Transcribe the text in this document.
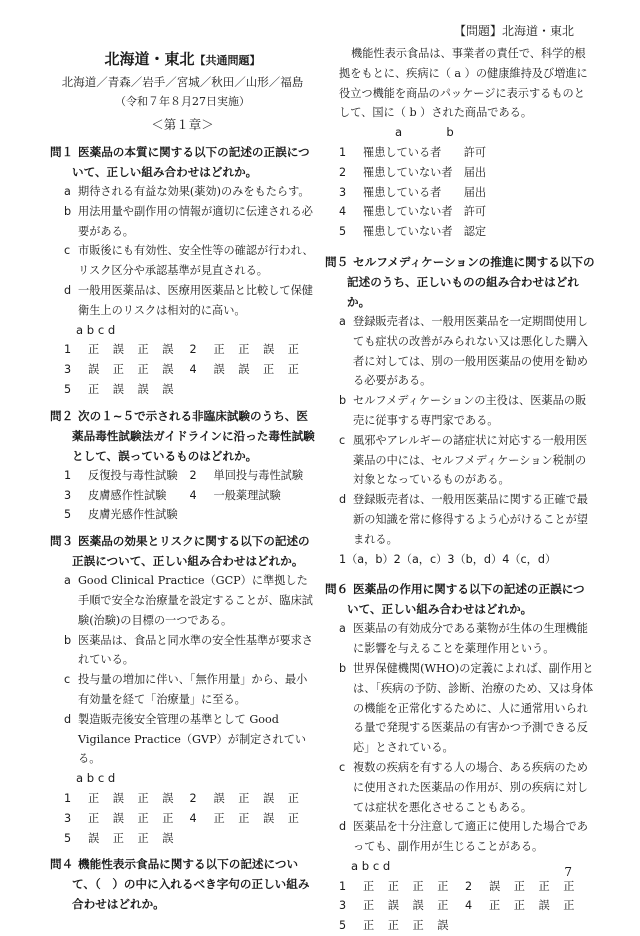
【問題】北海道・東北
北海道・東北【共通問題】
北海道／青森／岩手／宮城／秋田／山形／福島
（令和７年８月27日実施）
＜第１章＞
問１ 医薬品の本質に関する以下の記述の正誤について、正しい組み合わせはどれか。
a 期待される有益な効果(薬効)のみをもたらす。
b 用法用量や副作用の情報が適切に伝達される必要がある。
c 市販後にも有効性、安全性等の確認が行われ、リスク区分や承認基準が見直される。
d 一般用医薬品は、医療用医薬品と比較して保健衛生上のリスクは相対的に高い。
a b c d
1	正 誤 正 誤 2	正 正 誤 正
3	誤 正 正 誤 4	誤 誤 正 正
5	正 誤 誤 誤
問２ 次の１~５で示される非臨床試験のうち、医薬品毒性試験法ガイドラインに沿った毒性試験として、誤っているものはどれか。
1	反復投与毒性試験 2	単回投与毒性試験
3	皮膚感作性試験 4	一般薬理試験
5	皮膚光感作性試験
問３ 医薬品の効果とリスクに関する以下の記述の正誤について、正しい組み合わせはどれか。
a Good Clinical Practice（GCP）に準拠した手順で安全な治療量を設定することが、臨床試験(治験)の目標の一つである。
b 医薬品は、食品と同水準の安全性基準が要求されている。
c 投与量の増加に伴い、「無作用量」から、最小有効量を経て「治療量」に至る。
d 製造販売後安全管理の基準として Good Vigilance Practice（GVP）が制定されている。
a b c d
1	正 誤 正 誤 2	誤 正 誤 正
3	正 誤 正 正 4	正 正 誤 正
5	誤 正 正 誤
問４ 機能性表示食品に関する以下の記述について、（　）の中に入れるべき字句の正しい組み合わせはどれか。
機能性表示食品は、事業者の責任で、科学的根拠をもとに、疾病に（ a ）の健康維持及び増進に役立つ機能を商品のパッケージに表示するものとして、国に（ b ）された商品である。
a            b
1	罹患している者　　許可
2	罹患していない者　届出
3	罹患している者　　届出
4	罹患していない者　許可
5	罹患していない者　認定
問５ セルフメディケーションの推進に関する以下の記述のうち、正しいものの組み合わせはどれか。
a 登録販売者は、一般用医薬品を一定期間使用しても症状の改善がみられない又は悪化した購入者に対しては、別の一般用医薬品の使用を勧める必要がある。
b セルフメディケーションの主役は、医薬品の販売に従事する専門家である。
c 風邪やアレルギーの諸症状に対応する一般用医薬品の中には、セルフメディケーション税制の対象となっているものがある。
d 登録販売者は、一般用医薬品に関する正確で最新の知識を常に修得するよう心がけることが望まれる。
1（a，b）2（a，c）3（b，d）4（c，d）
問６ 医薬品の作用に関する以下の記述の正誤について、正しい組み合わせはどれか。
a 医薬品の有効成分である薬物が生体の生理機能に影響を与えることを薬理作用という。
b 世界保健機関(WHO)の定義によれば、副作用とは、「疾病の予防、診断、治療のため、又は身体の機能を正常化するために、人に通常用いられる量で発現する医薬品の有害かつ予測できる反応」とされている。
c 複数の疾病を有する人の場合、ある疾病のために使用された医薬品の作用が、別の疾病に対しては症状を悪化させることもある。
d 医薬品を十分注意して適正に使用した場合であっても、副作用が生じることがある。
a b c d
1	正 正 正 正 2	誤 正 正 正
3	正 誤 誤 正 4	正 正 誤 正
5	正 正 正 誤
7
